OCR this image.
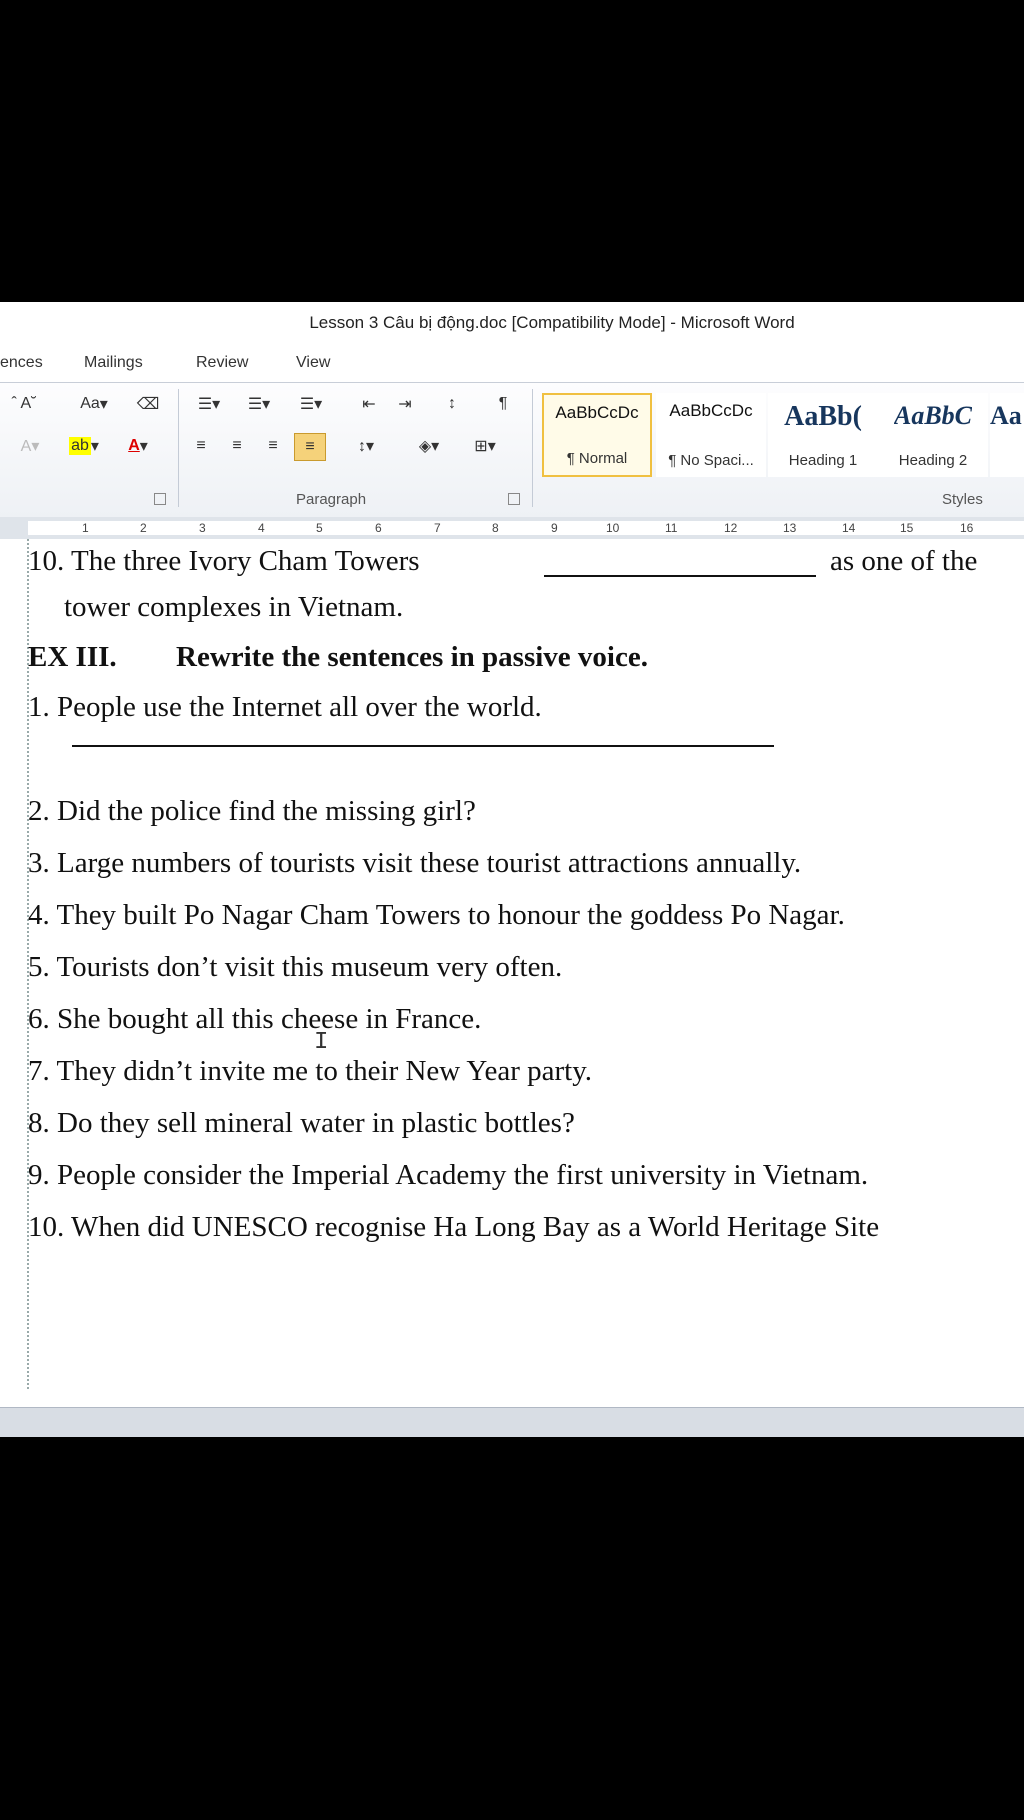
Lesson 3 Câu bị động.doc [Compatibility Mode] - Microsoft Word
ences	Mailings	Review	View
ˆ A˘	Aa ▾	⌫
A▾	ab ▾	A ▾
☰▾	☰▾	☰▾	⇤	⇥	↕	¶
≡	≡	≡	≡	↕▾	◈▾	⊞▾
Paragraph
AaBbCcDc
¶ Normal
AaBbCcDc
¶ No Spaci...
AaBb(
Heading 1
AaBbC
Heading 2
Aa
Styles
1	2	3	4	5	6	7	8	9	10	11	12	13	14	15	16
10. The three Ivory Cham Towers	as one of the
tower complexes in Vietnam.
EX III. Rewrite the sentences in passive voice.
1. People use the Internet all over the world.
2. Did the police find the missing girl?
3. Large numbers of tourists visit these tourist attractions annually.
4. They built Po Nagar Cham Towers to honour the goddess Po Nagar.
5. Tourists don’t visit this museum very often.
6. She bought all this cheese in France.
7. They didn’t invite me to their New Year party.
8. Do they sell mineral water in plastic bottles?
9. People consider the Imperial Academy the first university in Vietnam.
10. When did UNESCO recognise Ha Long Bay as a World Heritage Site
I
